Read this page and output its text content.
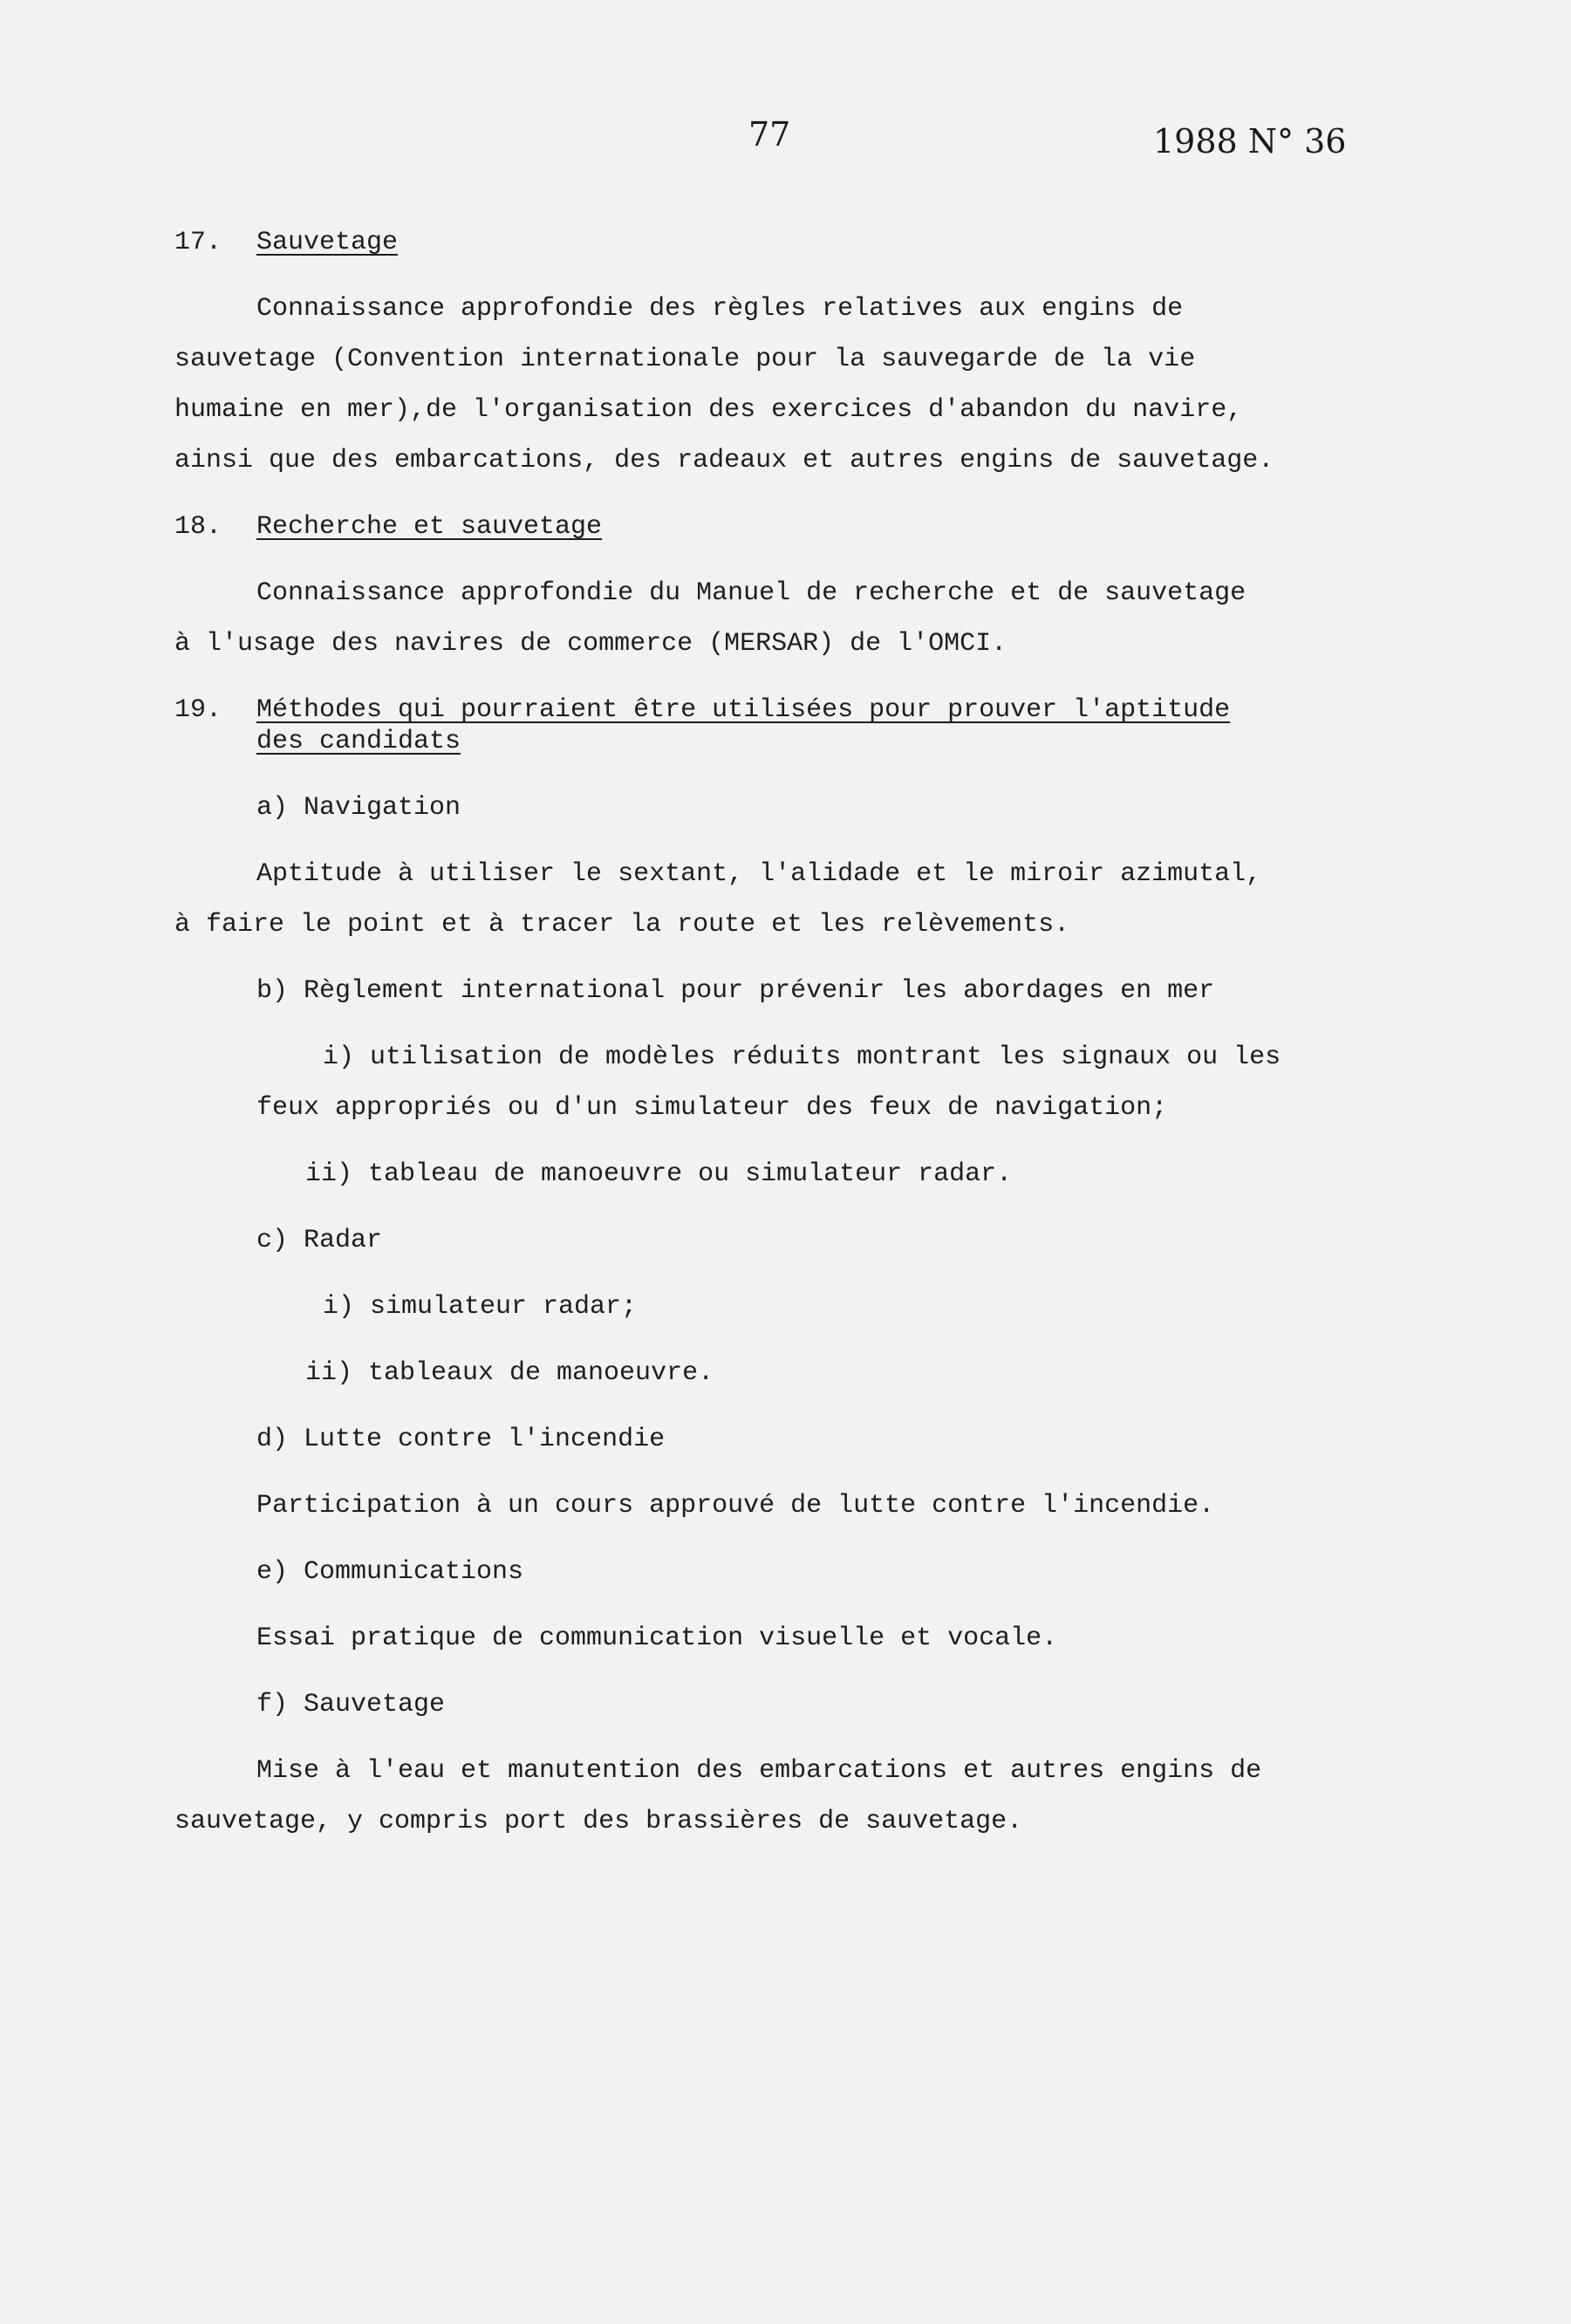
77	1988 N° 36
17. Sauvetage
Connaissance approfondie des règles relatives aux engins de
sauvetage (Convention internationale pour la sauvegarde de la vie
humaine en mer),de l'organisation des exercices d'abandon du navire,
ainsi que des embarcations, des radeaux et autres engins de sauvetage.
18. Recherche et sauvetage
Connaissance approfondie du Manuel de recherche et de sauvetage
à l'usage des navires de commerce (MERSAR) de l'OMCI.
19. Méthodes qui pourraient être utilisées pour prouver l'aptitude
des candidats
a) Navigation
Aptitude à utiliser le sextant, l'alidade et le miroir azimutal,
à faire le point et à tracer la route et les relèvements.
b) Règlement international pour prévenir les abordages en mer
i) utilisation de modèles réduits montrant les signaux ou les
feux appropriés ou d'un simulateur des feux de navigation;
ii) tableau de manoeuvre ou simulateur radar.
c) Radar
i) simulateur radar;
ii) tableaux de manoeuvre.
d) Lutte contre l'incendie
Participation à un cours approuvé de lutte contre l'incendie.
e) Communications
Essai pratique de communication visuelle et vocale.
f) Sauvetage
Mise à l'eau et manutention des embarcations et autres engins de
sauvetage, y compris port des brassières de sauvetage.
